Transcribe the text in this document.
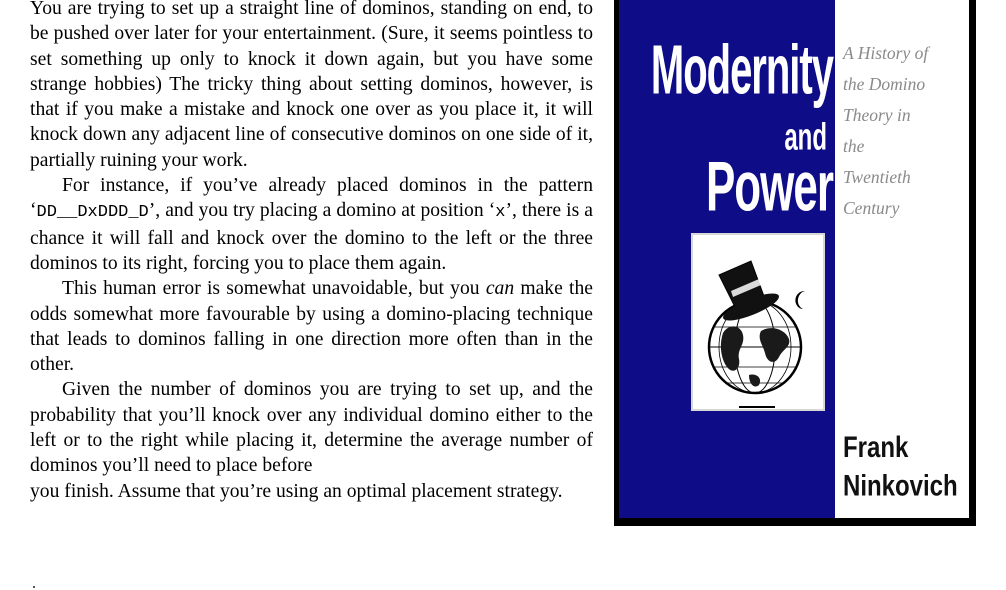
You are trying to set up a straight line of dominos, standing on end, to be pushed over later for your entertainment. (Sure, it seems pointless to set something up only to knock it down again, but you have some strange hobbies) The tricky thing about setting dominos, however, is that if you make a mistake and knock one over as you place it, it will knock down any adjacent line of consecutive dominos on one side of it, partially ruining your work.

For instance, if you’ve already placed dominos in the pattern ‘DD__DxDDD_D’, and you try placing a domino at position ‘x’, there is a chance it will fall and knock over the domino to the left or the three dominos to its right, forcing you to place them again.

This human error is somewhat unavoidable, but you can make the odds somewhat more favourable by using a domino-placing technique that leads to dominos falling in one direction more often than in the other.

Given the number of dominos you are trying to set up, and the probability that you’ll knock over any individual domino either to the left or to the right while placing it, determine the average number of dominos you’ll need to place before

you finish. Assume that you’re using an optimal placement strategy.

Modernity
and
Power
A History of
the Domino
Theory in
the
Twentieth
Century
Frank
Ninkovich
